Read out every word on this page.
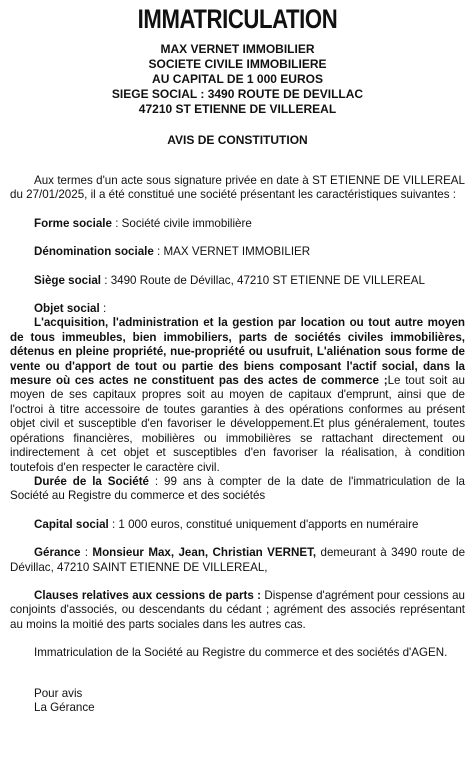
IMMATRICULATION
MAX VERNET IMMOBILIER
SOCIETE CIVILE IMMOBILIERE
AU CAPITAL DE 1 000 EUROS
SIEGE SOCIAL : 3490 ROUTE DE DEVILLAC
47210 ST ETIENNE DE VILLEREAL
AVIS DE CONSTITUTION

Aux termes d'un acte sous signature privée en date à ST ETIENNE DE VILLEREAL du 27/01/2025, il a été constitué une société présentant les caractéristiques suivantes :

Forme sociale : Société civile immobilière

Dénomination sociale : MAX VERNET IMMOBILIER

Siège social : 3490 Route de Dévillac, 47210 ST ETIENNE DE VILLEREAL

Objet social :

L'acquisition, l'administration et la gestion par location ou tout autre moyen de tous immeubles, bien immobiliers, parts de sociétés civiles immobilières, détenus en pleine propriété, nue-propriété ou usufruit, L'aliénation sous forme de vente ou d'apport de tout ou partie des biens composant l'actif social, dans la mesure où ces actes ne constituent pas des actes de commerce ;Le tout soit au moyen de ses capitaux propres soit au moyen de capitaux d'emprunt, ainsi que de l'octroi à titre accessoire de toutes garanties à des opérations conformes au présent objet civil et susceptible d'en favoriser le développement.Et plus généralement, toutes opérations financières, mobilières ou immobilières se rattachant directement ou indirectement à cet objet et susceptibles d'en favoriser la réalisation, à condition toutefois d'en respecter le caractère civil.

Durée de la Société : 99 ans à compter de la date de l'immatriculation de la Société au Registre du commerce et des sociétés

Capital social : 1 000 euros, constitué uniquement d'apports en numéraire

Gérance : Monsieur Max, Jean, Christian VERNET, demeurant à 3490 route de Dévillac, 47210 SAINT ETIENNE DE VILLEREAL,

Clauses relatives aux cessions de parts : Dispense d'agrément pour cessions au conjoints d'associés, ou descendants du cédant ; agrément des associés représentant au moins la moitié des parts sociales dans les autres cas.

Immatriculation de la Société au Registre du commerce et des sociétés d'AGEN.

Pour avis
La Gérance
